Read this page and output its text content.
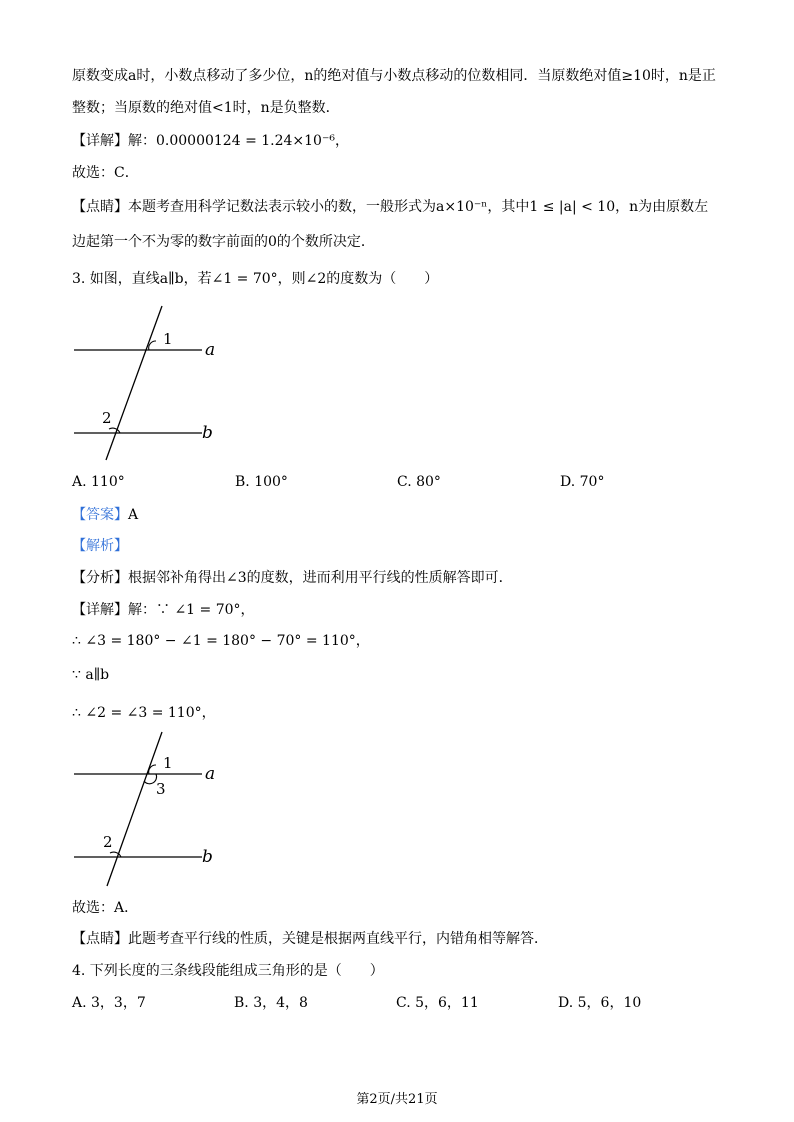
原数变成a时，小数点移动了多少位，n的绝对值与小数点移动的位数相同．当原数绝对值≥10时，n是正
整数；当原数的绝对值<1时，n是负整数．
【详解】解：0.00000124 = 1.24×10⁻⁶，
故选：C．
【点睛】本题考查用科学记数法表示较小的数，一般形式为a×10⁻ⁿ，其中1 ≤ |a| < 10，n为由原数左
边起第一个不为零的数字前面的0的个数所决定．
3. 如图，直线a∥b，若∠1 = 70°，则∠2的度数为（　　）
1
2
a
b
A. 110°	B. 100°	C. 80°	D. 70°
【答案】A
【解析】
【分析】根据邻补角得出∠3的度数，进而利用平行线的性质解答即可．
【详解】解：∵ ∠1 = 70°，
∴ ∠3 = 180° − ∠1 = 180° − 70° = 110°，
∵ a∥b
∴ ∠2 = ∠3 = 110°，
1
3
2
a
b
故选：A．
【点睛】此题考查平行线的性质，关键是根据两直线平行，内错角相等解答．
4. 下列长度的三条线段能组成三角形的是（　　）
A. 3，3，7	B. 3，4，8	C. 5，6，11	D. 5，6，10
第2页/共21页
